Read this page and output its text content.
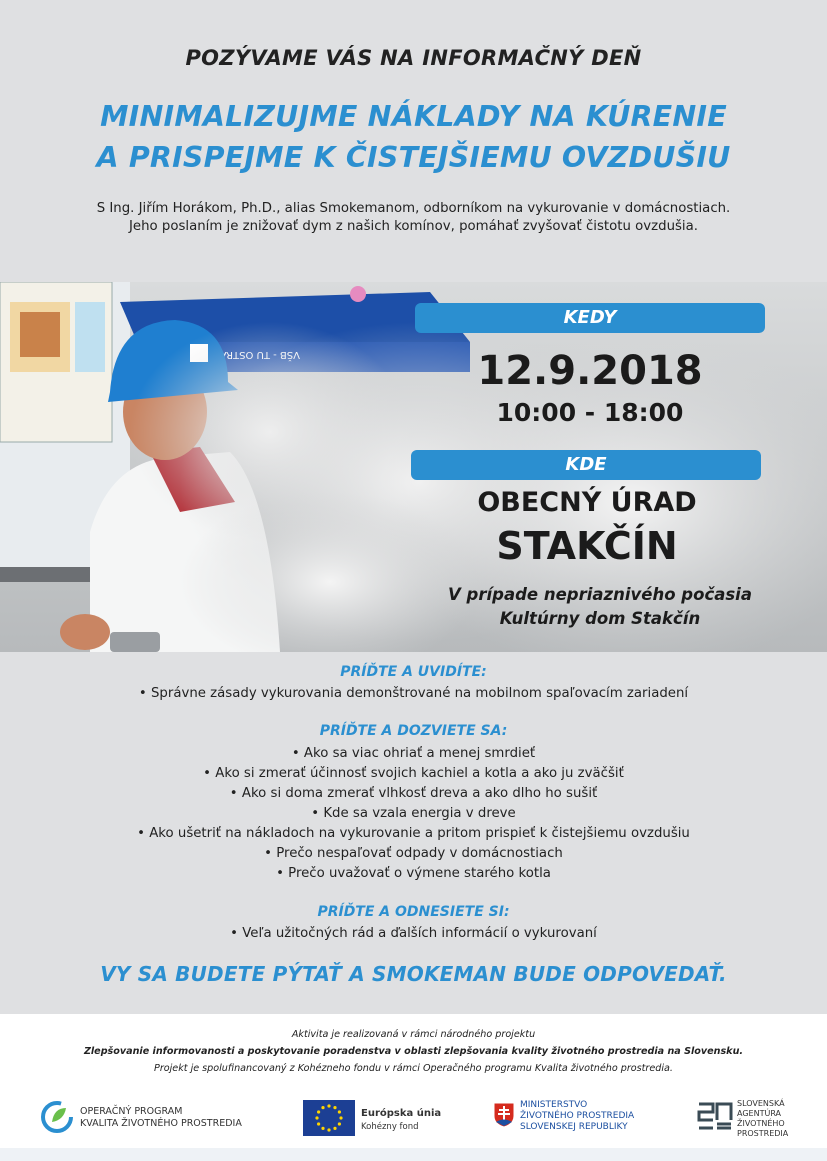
POZÝVAME VÁS NA INFORMAČNÝ DEŇ
MINIMALIZUJME NÁKLADY NA KÚRENIE
A PRISPEJME K ČISTEJŠIEMU OVZDUŠIU
S Ing. Jiřím Horákom, Ph.D., alias Smokemanom, odborníkom na vykurovanie v domácnostiach.
Jeho poslaním je znižovať dym z našich komínov, pomáhať zvyšovať čistotu ovzdušia.
KEDY
12.9.2018
10:00 - 18:00
KDE
OBECNÝ ÚRAD
STAKČÍN
V prípade nepriaznivého počasia
Kultúrny dom Stakčín
PRÍĎTE A UVIDÍTE:
• Správne zásady vykurovania demonštrované na mobilnom spaľovacím zariadení
PRÍĎTE A DOZVIETE SA:
• Ako sa viac ohriať a menej smrdieť
• Ako si zmerať účinnosť svojich kachiel a kotla a ako ju zväčšiť
• Ako si doma zmerať vlhkosť dreva a ako dlho ho sušiť
• Kde sa vzala energia v dreve
• Ako ušetriť na nákladoch na vykurovanie a pritom prispieť k čistejšiemu ovzdušiu
• Prečo nespaľovať odpady v domácnostiach
• Prečo uvažovať o výmene starého kotla
PRÍĎTE A ODNESIETE SI:
• Veľa užitočných rád a ďalších informácií o vykurovaní
VY SA BUDETE PÝTAŤ A SMOKEMAN BUDE ODPOVEDAŤ.
Aktivita je realizovaná v rámci národného projektu
Zlepšovanie informovanosti a poskytovanie poradenstva v oblasti zlepšovania kvality životného prostredia na Slovensku.
Projekt je spolufinancovaný z Kohézneho fondu v rámci Operačného programu Kvalita životného prostredia.
OPERAČNÝ PROGRAM
KVALITA ŽIVOTNÉHO PROSTREDIA
Európska únia
Kohézny fond
MINISTERSTVO
ŽIVOTNÉHO PROSTREDIA
SLOVENSKEJ REPUBLIKY
SLOVENSKÁ
AGENTÚRA
ŽIVOTNÉHO
PROSTREDIA
